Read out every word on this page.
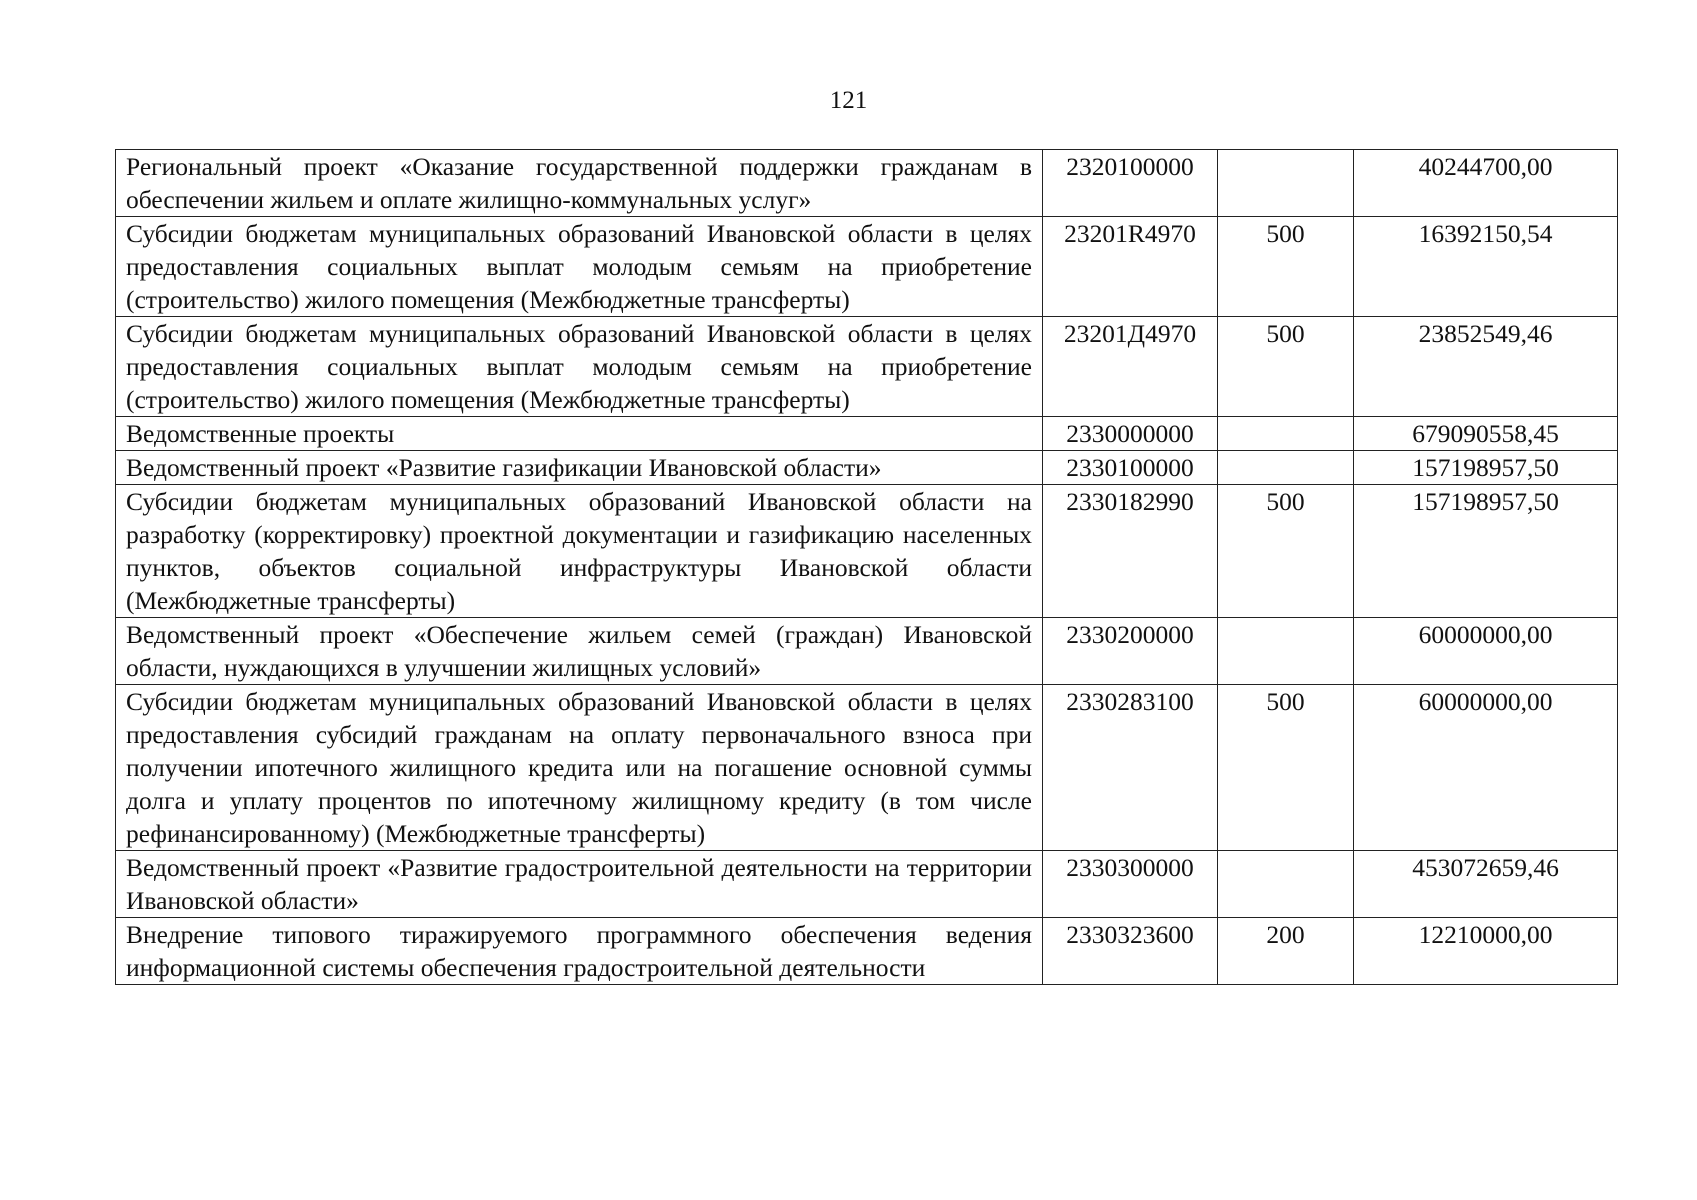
121
Региональный проект «Оказание государственной поддержки гражданам в обеспечении жильем и оплате жилищно-коммунальных услуг»	2320100000		40244700,00
Субсидии бюджетам муниципальных образований Ивановской области в целях предоставления социальных выплат молодым семьям на приобретение (строительство) жилого помещения (Межбюджетные трансферты)	23201R4970	500	16392150,54
Субсидии бюджетам муниципальных образований Ивановской области в целях предоставления социальных выплат молодым семьям на приобретение (строительство) жилого помещения (Межбюджетные трансферты)	23201Д4970	500	23852549,46
Ведомственные проекты	2330000000		679090558,45
Ведомственный проект «Развитие газификации Ивановской области»	2330100000		157198957,50
Субсидии бюджетам муниципальных образований Ивановской области на разработку (корректировку) проектной документации и газификацию населенных пунктов, объектов социальной инфраструктуры Ивановской области (Межбюджетные трансферты)	2330182990	500	157198957,50
Ведомственный проект «Обеспечение жильем семей (граждан) Ивановской области, нуждающихся в улучшении жилищных условий»	2330200000		60000000,00
Субсидии бюджетам муниципальных образований Ивановской области в целях предоставления субсидий гражданам на оплату первоначального взноса при получении ипотечного жилищного кредита или на погашение основной суммы долга и уплату процентов по ипотечному жилищному кредиту (в том числе рефинансированному) (Межбюджетные трансферты)	2330283100	500	60000000,00
Ведомственный проект «Развитие градостроительной деятельности на территории Ивановской области»	2330300000		453072659,46
Внедрение типового тиражируемого программного обеспечения ведения информационной системы обеспечения градостроительной деятельности	2330323600	200	12210000,00
